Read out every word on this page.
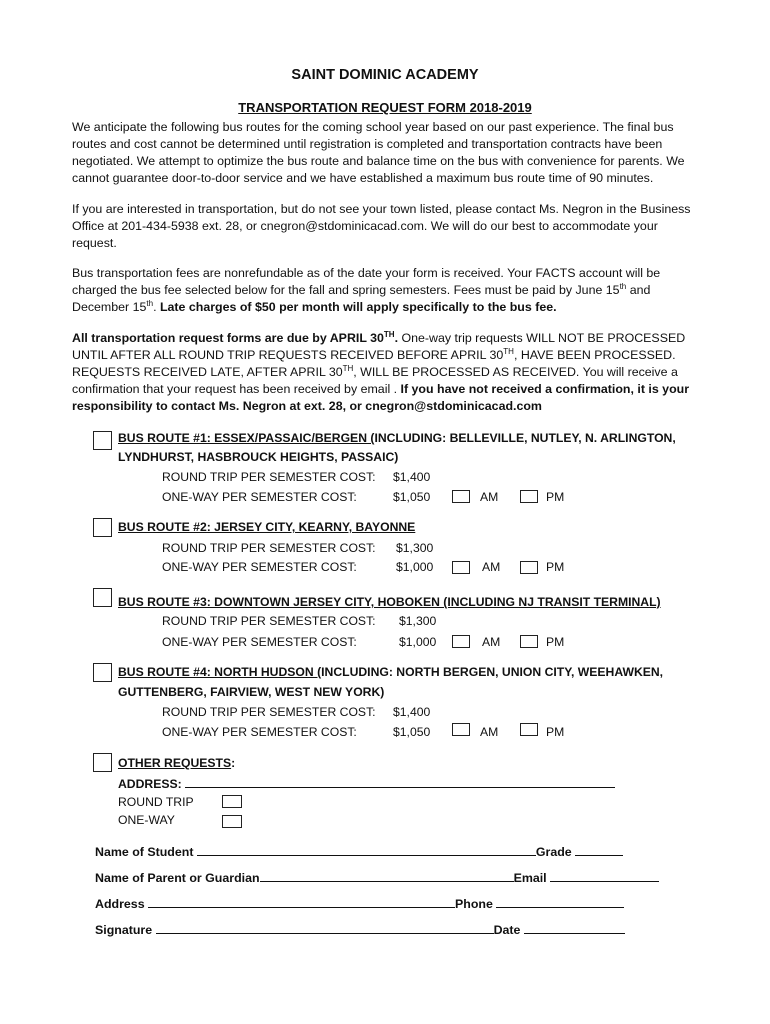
SAINT DOMINIC ACADEMY
TRANSPORTATION REQUEST FORM 2018-2019
We anticipate the following bus routes for the coming school year based on our past experience. The final bus routes and cost cannot be determined until registration is completed and transportation contracts have been negotiated. We attempt to optimize the bus route and balance time on the bus with convenience for parents. We cannot guarantee door-to-door service and we have established a maximum bus route time of 90 minutes.
If you are interested in transportation, but do not see your town listed, please contact Ms. Negron in the Business Office at 201-434-5938 ext. 28, or cnegron@stdominicacad.com. We will do our best to accommodate your request.
Bus transportation fees are nonrefundable as of the date your form is received. Your FACTS account will be charged the bus fee selected below for the fall and spring semesters. Fees must be paid by June 15th and December 15th. Late charges of $50 per month will apply specifically to the bus fee.
All transportation request forms are due by APRIL 30TH. One-way trip requests WILL NOT BE PROCESSED UNTIL AFTER ALL ROUND TRIP REQUESTS RECEIVED BEFORE APRIL 30TH, HAVE BEEN PROCESSED. REQUESTS RECEIVED LATE, AFTER APRIL 30TH, WILL BE PROCESSED AS RECEIVED. You will receive a confirmation that your request has been received by email . If you have not received a confirmation, it is your responsibility to contact Ms. Negron at ext. 28, or cnegron@stdominicacad.com
BUS ROUTE #1: ESSEX/PASSAIC/BERGEN (INCLUDING: BELLEVILLE, NUTLEY, N. ARLINGTON,
LYNDHURST, HASBROUCK HEIGHTS, PASSAIC)
ROUND TRIP PER SEMESTER COST: $1,400
ONE-WAY PER SEMESTER COST:	$1,050	AM	PM
BUS ROUTE #2: JERSEY CITY, KEARNY, BAYONNE
ROUND TRIP PER SEMESTER COST: $1,300
ONE-WAY PER SEMESTER COST:	$1,000	AM	PM
BUS ROUTE #3: DOWNTOWN JERSEY CITY, HOBOKEN (INCLUDING NJ TRANSIT TERMINAL)
ROUND TRIP PER SEMESTER COST: $1,300
ONE-WAY PER SEMESTER COST:	$1,000	AM	PM
BUS ROUTE #4: NORTH HUDSON (INCLUDING: NORTH BERGEN, UNION CITY, WEEHAWKEN,
GUTTENBERG, FAIRVIEW, WEST NEW YORK)
ROUND TRIP PER SEMESTER COST: $1,400
ONE-WAY PER SEMESTER COST:	$1,050	AM	PM
OTHER REQUESTS:
ADDRESS:
ROUND TRIP
ONE-WAY
Name of Student	Grade
Name of Parent or Guardian	Email
Address	Phone
Signature	Date
